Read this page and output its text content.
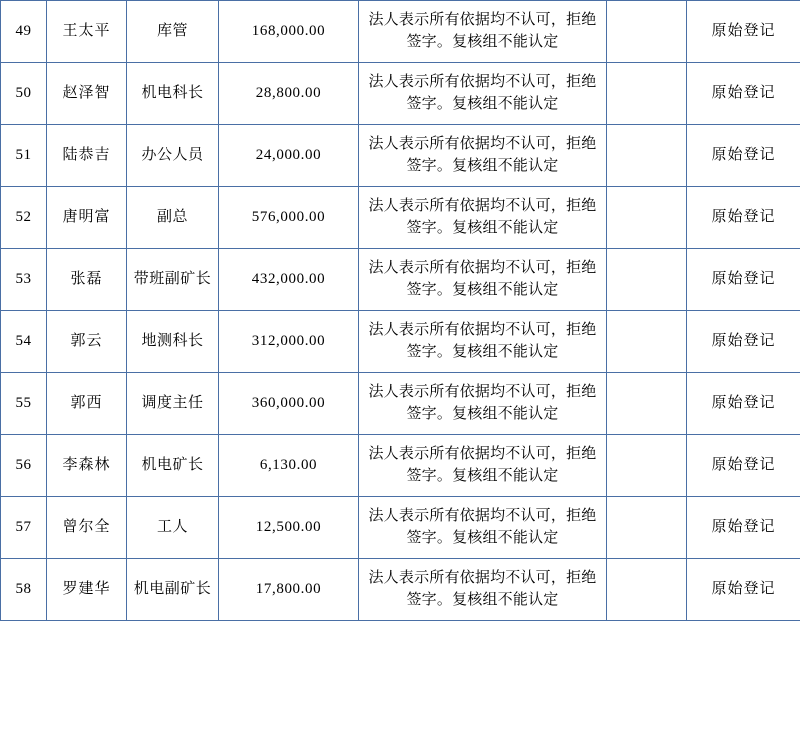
49	王太平	库管	168,000.00	法人表示所有依据均不认可，拒绝签字。复核组不能认定		原始登记
50	赵泽智	机电科长	28,800.00	法人表示所有依据均不认可，拒绝签字。复核组不能认定		原始登记
51	陆恭吉	办公人员	24,000.00	法人表示所有依据均不认可，拒绝签字。复核组不能认定		原始登记
52	唐明富	副总	576,000.00	法人表示所有依据均不认可，拒绝签字。复核组不能认定		原始登记
53	张磊	带班副矿长	432,000.00	法人表示所有依据均不认可，拒绝签字。复核组不能认定		原始登记
54	郭云	地测科长	312,000.00	法人表示所有依据均不认可，拒绝签字。复核组不能认定		原始登记
55	郭西	调度主任	360,000.00	法人表示所有依据均不认可，拒绝签字。复核组不能认定		原始登记
56	李森林	机电矿长	6,130.00	法人表示所有依据均不认可，拒绝签字。复核组不能认定		原始登记
57	曾尔全	工人	12,500.00	法人表示所有依据均不认可，拒绝签字。复核组不能认定		原始登记
58	罗建华	机电副矿长	17,800.00	法人表示所有依据均不认可，拒绝签字。复核组不能认定		原始登记
